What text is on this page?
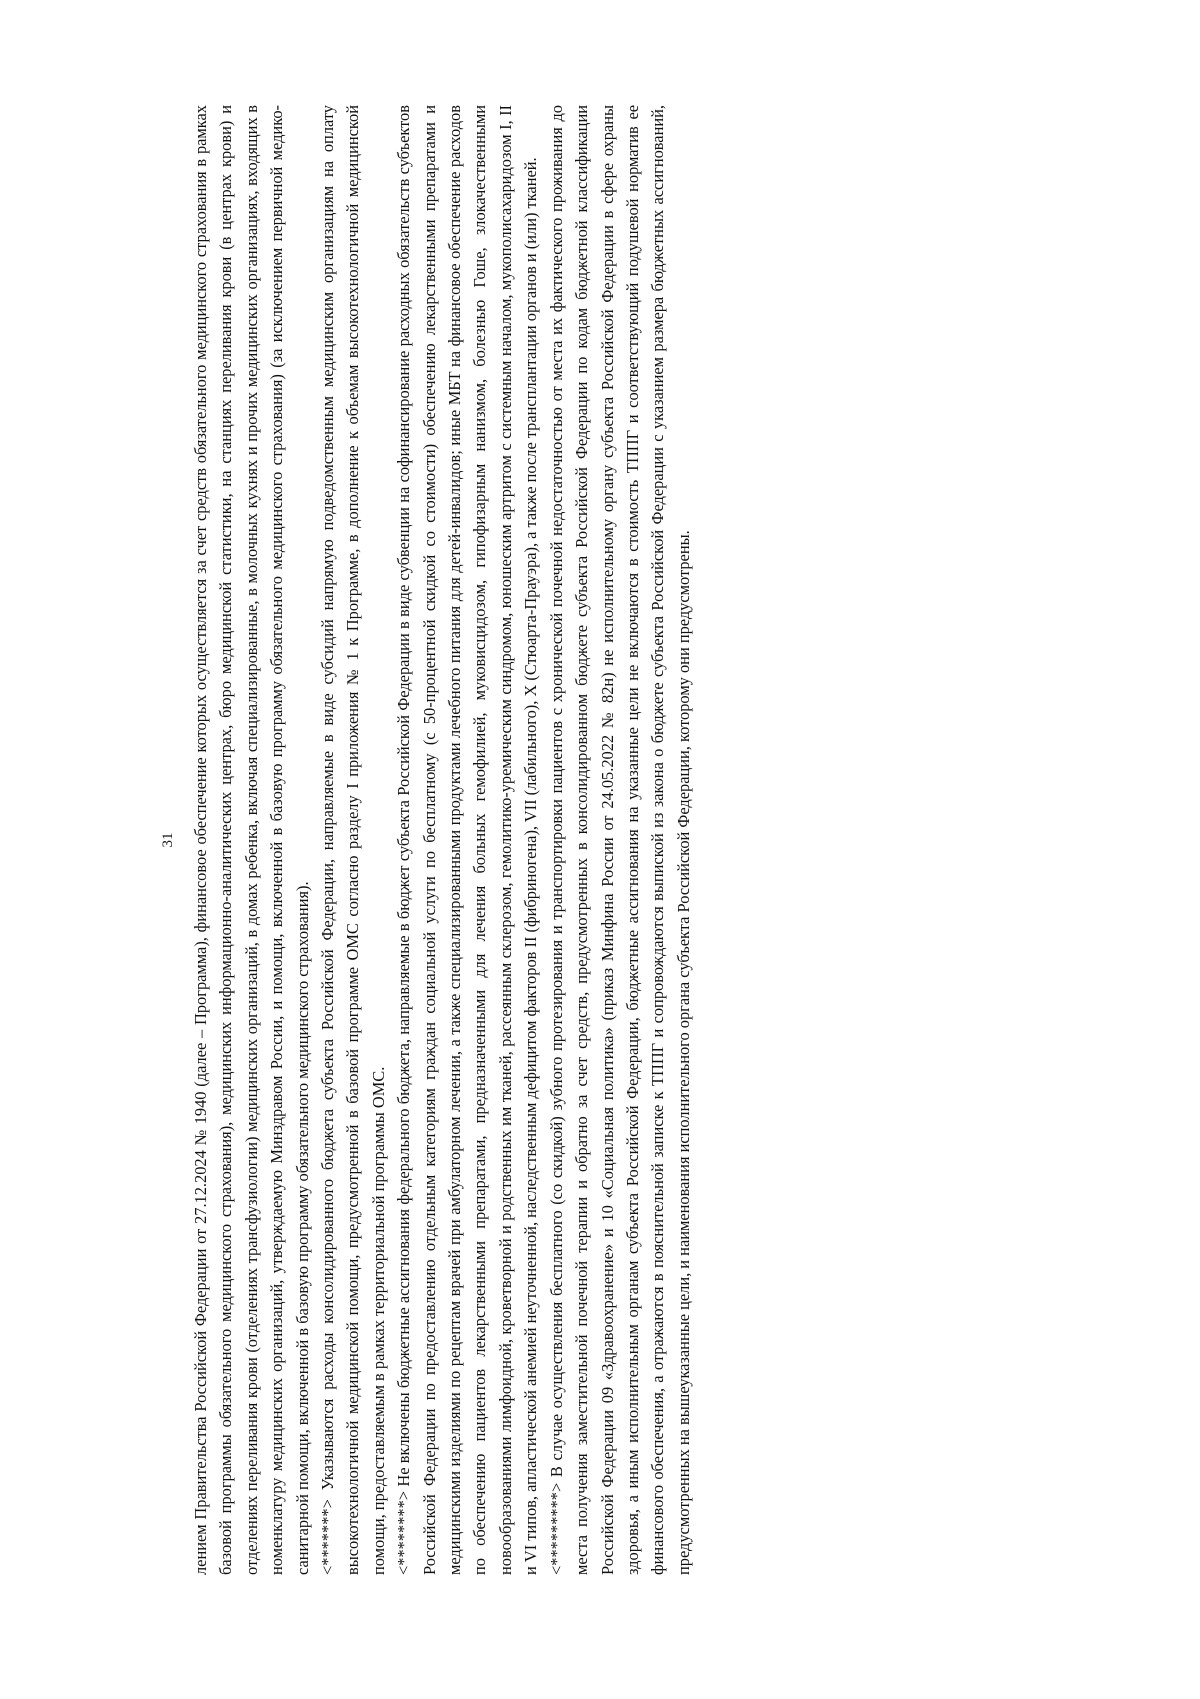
31 лением Правительства Российской Федерации от 27.12.2024 № 1940 (далее – Программа), финансовое обеспечение которых осуществляется за счет средств обязательного медицинского страхования в рамках базовой программы обязательного медицинского страхования), медицинских информационно-аналитических центрах, бюро медицинской статистики, на станциях переливания крови (в центрах крови) и отделениях переливания крови (отделениях трансфузиологии) медицинских организаций, в домах ребенка, включая специализированные, в молочных кухнях и прочих медицинских организациях, входящих в номенклатуру медицинских организаций, утверждаемую Минздравом России, и помощи, включенной в базовую программу обязательного медицинского страхования) (за исключением первичной медико-санитарной помощи, включенной в базовую программу обязательного медицинского страхования). <*******> Указываются расходы консолидированного бюджета субъекта Российской Федерации, направляемые в виде субсидий напрямую подведомственным медицинским организациям на оплату высокотехнологичной медицинской помощи, предусмотренной в базовой программе ОМС согласно разделу I приложения № 1 к Программе, в дополнение к объемам высокотехнологичной медицинской помощи, предоставляемым в рамках территориальной программы ОМС. <********> Не включены бюджетные ассигнования федерального бюджета, направляемые в бюджет субъекта Российской Федерации в виде субвенции на софинансирование расходных обязательств субъектов Российской Федерации по предоставлению отдельным категориям граждан социальной услуги по бесплатному (с 50-процентной скидкой со стоимости) обеспечению лекарственными препаратами и медицинскими изделиями по рецептам врачей при амбулаторном лечении, а также специализированными продуктами лечебного питания для детей-инвалидов; иные МБТ на финансовое обеспечение расходов по обеспечению пациентов лекарственными препаратами, предназначенными для лечения больных гемофилией, муковисцидозом, гипофизарным нанизмом, болезнью Гоше, злокачественными новообразованиями лимфоидной, кроветворной и родственных им тканей, рассеянным склерозом, гемолитико-уремическим синдромом, юношеским артритом с системным началом, мукополисахаридозом I, II и VI типов, апластической анемией неуточненной, наследственным дефицитом факторов II (фибриногена), VII (лабильного), X (Стюарта-Прауэра), а также после трансплантации органов и (или) тканей. <*********> В случае осуществления бесплатного (со скидкой) зубного протезирования и транспортировки пациентов с хронической почечной недостаточностью от места их фактического проживания до места получения заместительной почечной терапии и обратно за счет средств, предусмотренных в консолидированном бюджете субъекта Российской Федерации по кодам бюджетной классификации Российской Федерации 09 «Здравоохранение» и 10 «Социальная политика» (приказ Минфина России от 24.05.2022 № 82н) не исполнительному органу субъекта Российской Федерации в сфере охраны здоровья, а иным исполнительным органам субъекта Российской Федерации, бюджетные ассигнования на указанные цели не включаются в стоимость ТППГ и соответствующий подушевой норматив ее финансового обеспечения, а отражаются в пояснительной записке к ТППГ и сопровождаются выпиской из закона о бюджете субъекта Российской Федерации с указанием размера бюджетных ассигнований, предусмотренных на вышеуказанные цели, и наименования исполнительного органа субъекта Российской Федерации, которому они предусмотрены.
